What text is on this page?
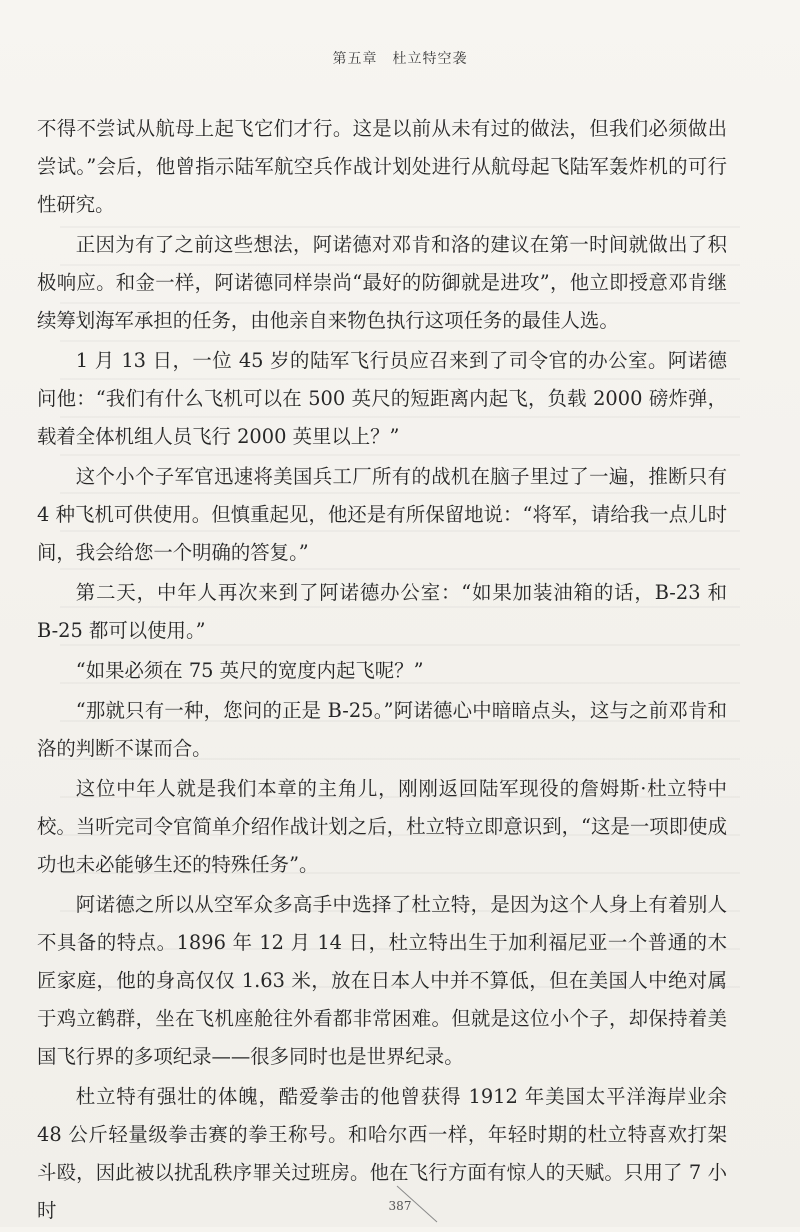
第五章　杜立特空袭

不得不尝试从航母上起飞它们才行。这是以前从未有过的做法，但我们必须做出尝试。”会后，他曾指示陆军航空兵作战计划处进行从航母起飞陆军轰炸机的可行性研究。

正因为有了之前这些想法，阿诺德对邓肯和洛的建议在第一时间就做出了积极响应。和金一样，阿诺德同样崇尚“最好的防御就是进攻”，他立即授意邓肯继续筹划海军承担的任务，由他亲自来物色执行这项任务的最佳人选。

1 月 13 日，一位 45 岁的陆军飞行员应召来到了司令官的办公室。阿诺德问他：“我们有什么飞机可以在 500 英尺的短距离内起飞，负载 2000 磅炸弹，载着全体机组人员飞行 2000 英里以上？”

这个小个子军官迅速将美国兵工厂所有的战机在脑子里过了一遍，推断只有 4 种飞机可供使用。但慎重起见，他还是有所保留地说：“将军，请给我一点儿时间，我会给您一个明确的答复。”

第二天，中年人再次来到了阿诺德办公室：“如果加装油箱的话，B-23 和 B-25 都可以使用。”

“如果必须在 75 英尺的宽度内起飞呢？”

“那就只有一种，您问的正是 B-25。”阿诺德心中暗暗点头，这与之前邓肯和洛的判断不谋而合。

这位中年人就是我们本章的主角儿，刚刚返回陆军现役的詹姆斯·杜立特中校。当听完司令官简单介绍作战计划之后，杜立特立即意识到，“这是一项即使成功也未必能够生还的特殊任务”。

阿诺德之所以从空军众多高手中选择了杜立特，是因为这个人身上有着别人不具备的特点。1896 年 12 月 14 日，杜立特出生于加利福尼亚一个普通的木匠家庭，他的身高仅仅 1.63 米，放在日本人中并不算低，但在美国人中绝对属于鸡立鹤群，坐在飞机座舱往外看都非常困难。但就是这位小个子，却保持着美国飞行界的多项纪录——很多同时也是世界纪录。

杜立特有强壮的体魄，酷爱拳击的他曾获得 1912 年美国太平洋海岸业余 48 公斤轻量级拳击赛的拳王称号。和哈尔西一样，年轻时期的杜立特喜欢打架斗殴，因此被以扰乱秩序罪关过班房。他在飞行方面有惊人的天赋。只用了 7 小时	387
